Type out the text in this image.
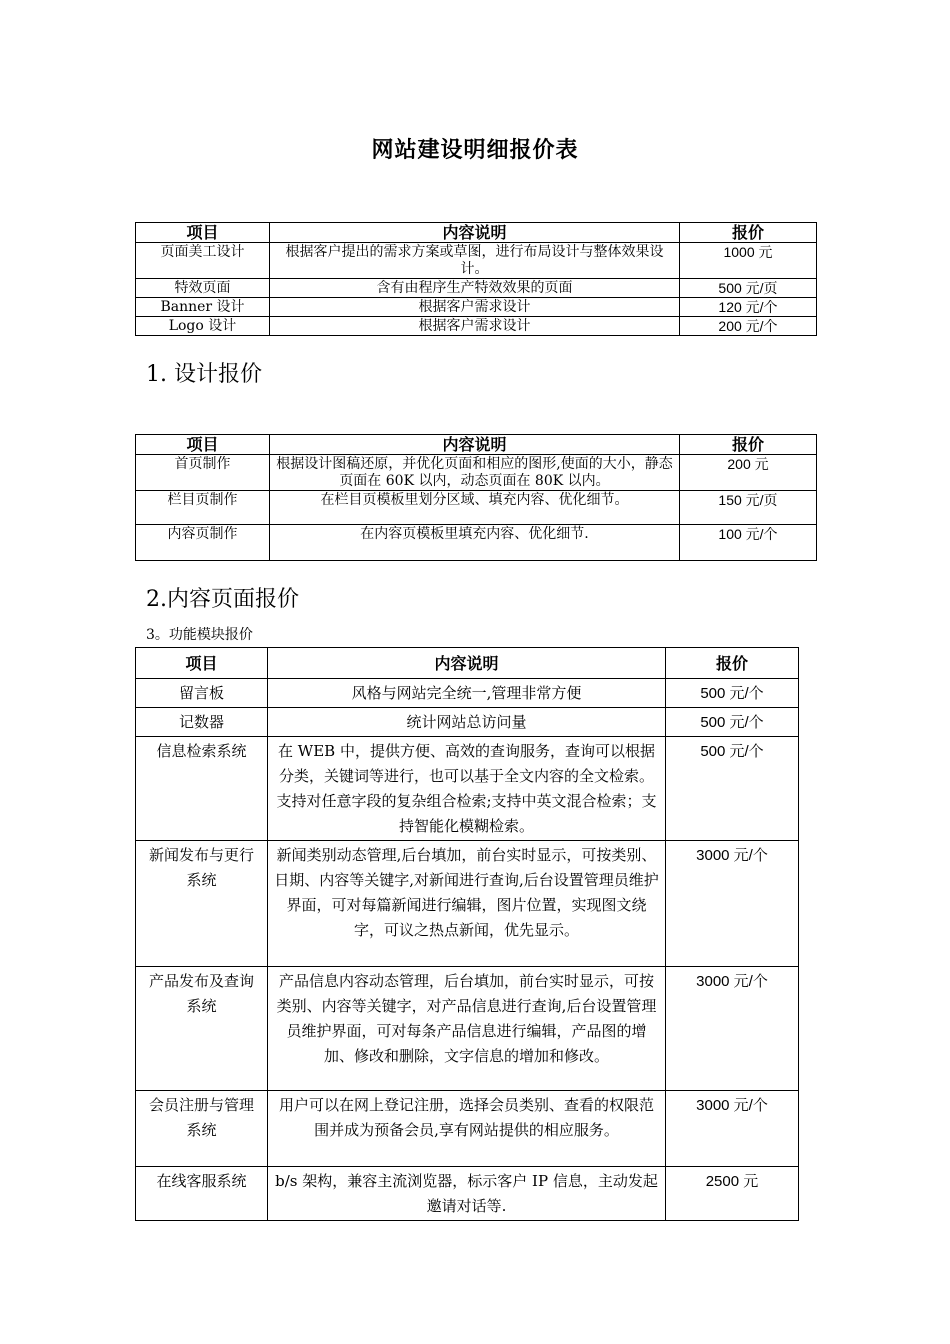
网站建设明细报价表
项目	内容说明	报价
页面美工设计	根据客户提出的需求方案或草图，进行布局设计与整体效果设计。	1000 元
特效页面	含有由程序生产特效效果的页面	500 元/页
Banner 设计	根据客户需求设计	120 元/个
Logo 设计	根据客户需求设计	200 元/个
1. 设计报价
项目	内容说明	报价
首页制作	根据设计图稿还原，并优化页面和相应的图形,使面的大小，静态页面在 60K 以内，动态页面在 80K 以内。	200 元
栏目页制作	在栏目页模板里划分区域、填充内容、优化细节。	150 元/页
内容页制作	在内容页模板里填充内容、优化细节.	100 元/个
2.内容页面报价
3。功能模块报价
项目	内容说明	报价
留言板	风格与网站完全统一,管理非常方便	500 元/个
记数器	统计网站总访问量	500 元/个
信息检索系统	在 WEB 中，提供方便、高效的查询服务，查询可以根据分类，关键词等进行，也可以基于全文内容的全文检索。支持对任意字段的复杂组合检索;支持中英文混合检索；支持智能化模糊检索。	500 元/个
新闻发布与更行系统	新闻类别动态管理,后台填加，前台实时显示，可按类别、日期、内容等关键字,对新闻进行查询,后台设置管理员维护界面，可对每篇新闻进行编辑，图片位置，实现图文绕字，可议之热点新闻，优先显示。	3000 元/个
产品发布及查询系统	产品信息内容动态管理，后台填加，前台实时显示，可按类别、内容等关键字，对产品信息进行查询,后台设置管理员维护界面，可对每条产品信息进行编辑，产品图的增加、修改和删除，文字信息的增加和修改。	3000 元/个
会员注册与管理系统	用户可以在网上登记注册，选择会员类别、查看的权限范围并成为预备会员,享有网站提供的相应服务。	3000 元/个
在线客服系统	b/s 架构，兼容主流浏览器，标示客户 IP 信息，主动发起邀请对话等.	2500 元
